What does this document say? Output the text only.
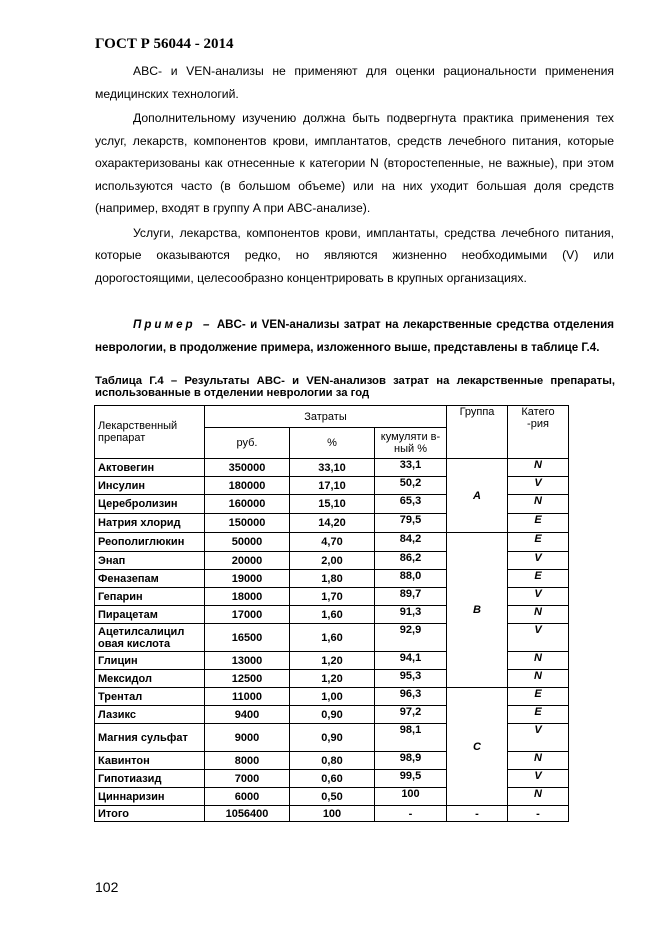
ГОСТ Р 56044 - 2014

ABC- и VEN-анализы не применяют для оценки рациональности применения медицинских технологий.

Дополнительному изучению должна быть подвергнута практика применения тех услуг, лекарств, компонентов крови, имплантатов, средств лечебного питания, которые охарактеризованы как отнесенные к категории N (второстепенные, не важные), при этом используются часто (в большом объеме) или на них уходит большая доля средств (например, входят в группу A при ABC-анализе).

Услуги, лекарства, компонентов крови, имплантаты, средства лечебного питания, которые оказываются редко, но являются жизненно необходимыми (V) или дорогостоящими, целесообразно концентрировать в крупных организациях.

Пример – ABC- и VEN-анализы затрат на лекарственные средства отделения неврологии, в продолжение примера, изложенного выше, представлены в таблице Г.4.

Таблица Г.4 – Результаты ABC- и VEN-анализов затрат на лекарственные препараты, использованные в отделении неврологии за год
Лекарственный препарат	Затраты			Группа	Катего -рия
	руб.	%	кумуляти в-ный %		
Актовегин	350000	33,10	33,1	A	N
Инсулин	180000	17,10	50,2		V
Церебролизин	160000	15,10	65,3		N
Натрия хлорид	150000	14,20	79,5		E
Реополиглюкин	50000	4,70	84,2	B	E
Энап	20000	2,00	86,2		V
Феназепам	19000	1,80	88,0		E
Гепарин	18000	1,70	89,7		V
Пирацетам	17000	1,60	91,3		N
Ацетилсалицил овая кислота	16500	1,60	92,9		V
Глицин	13000	1,20	94,1		N
Мексидол	12500	1,20	95,3		N
Трентал	11000	1,00	96,3	C	E
Лазикс	9400	0,90	97,2		E
Магния сульфат	9000	0,90	98,1		V
Кавинтон	8000	0,80	98,9		N
Гипотиазид	7000	0,60	99,5		V
Циннаризин	6000	0,50	100		N
Итого	1056400	100	-	-	-
102
